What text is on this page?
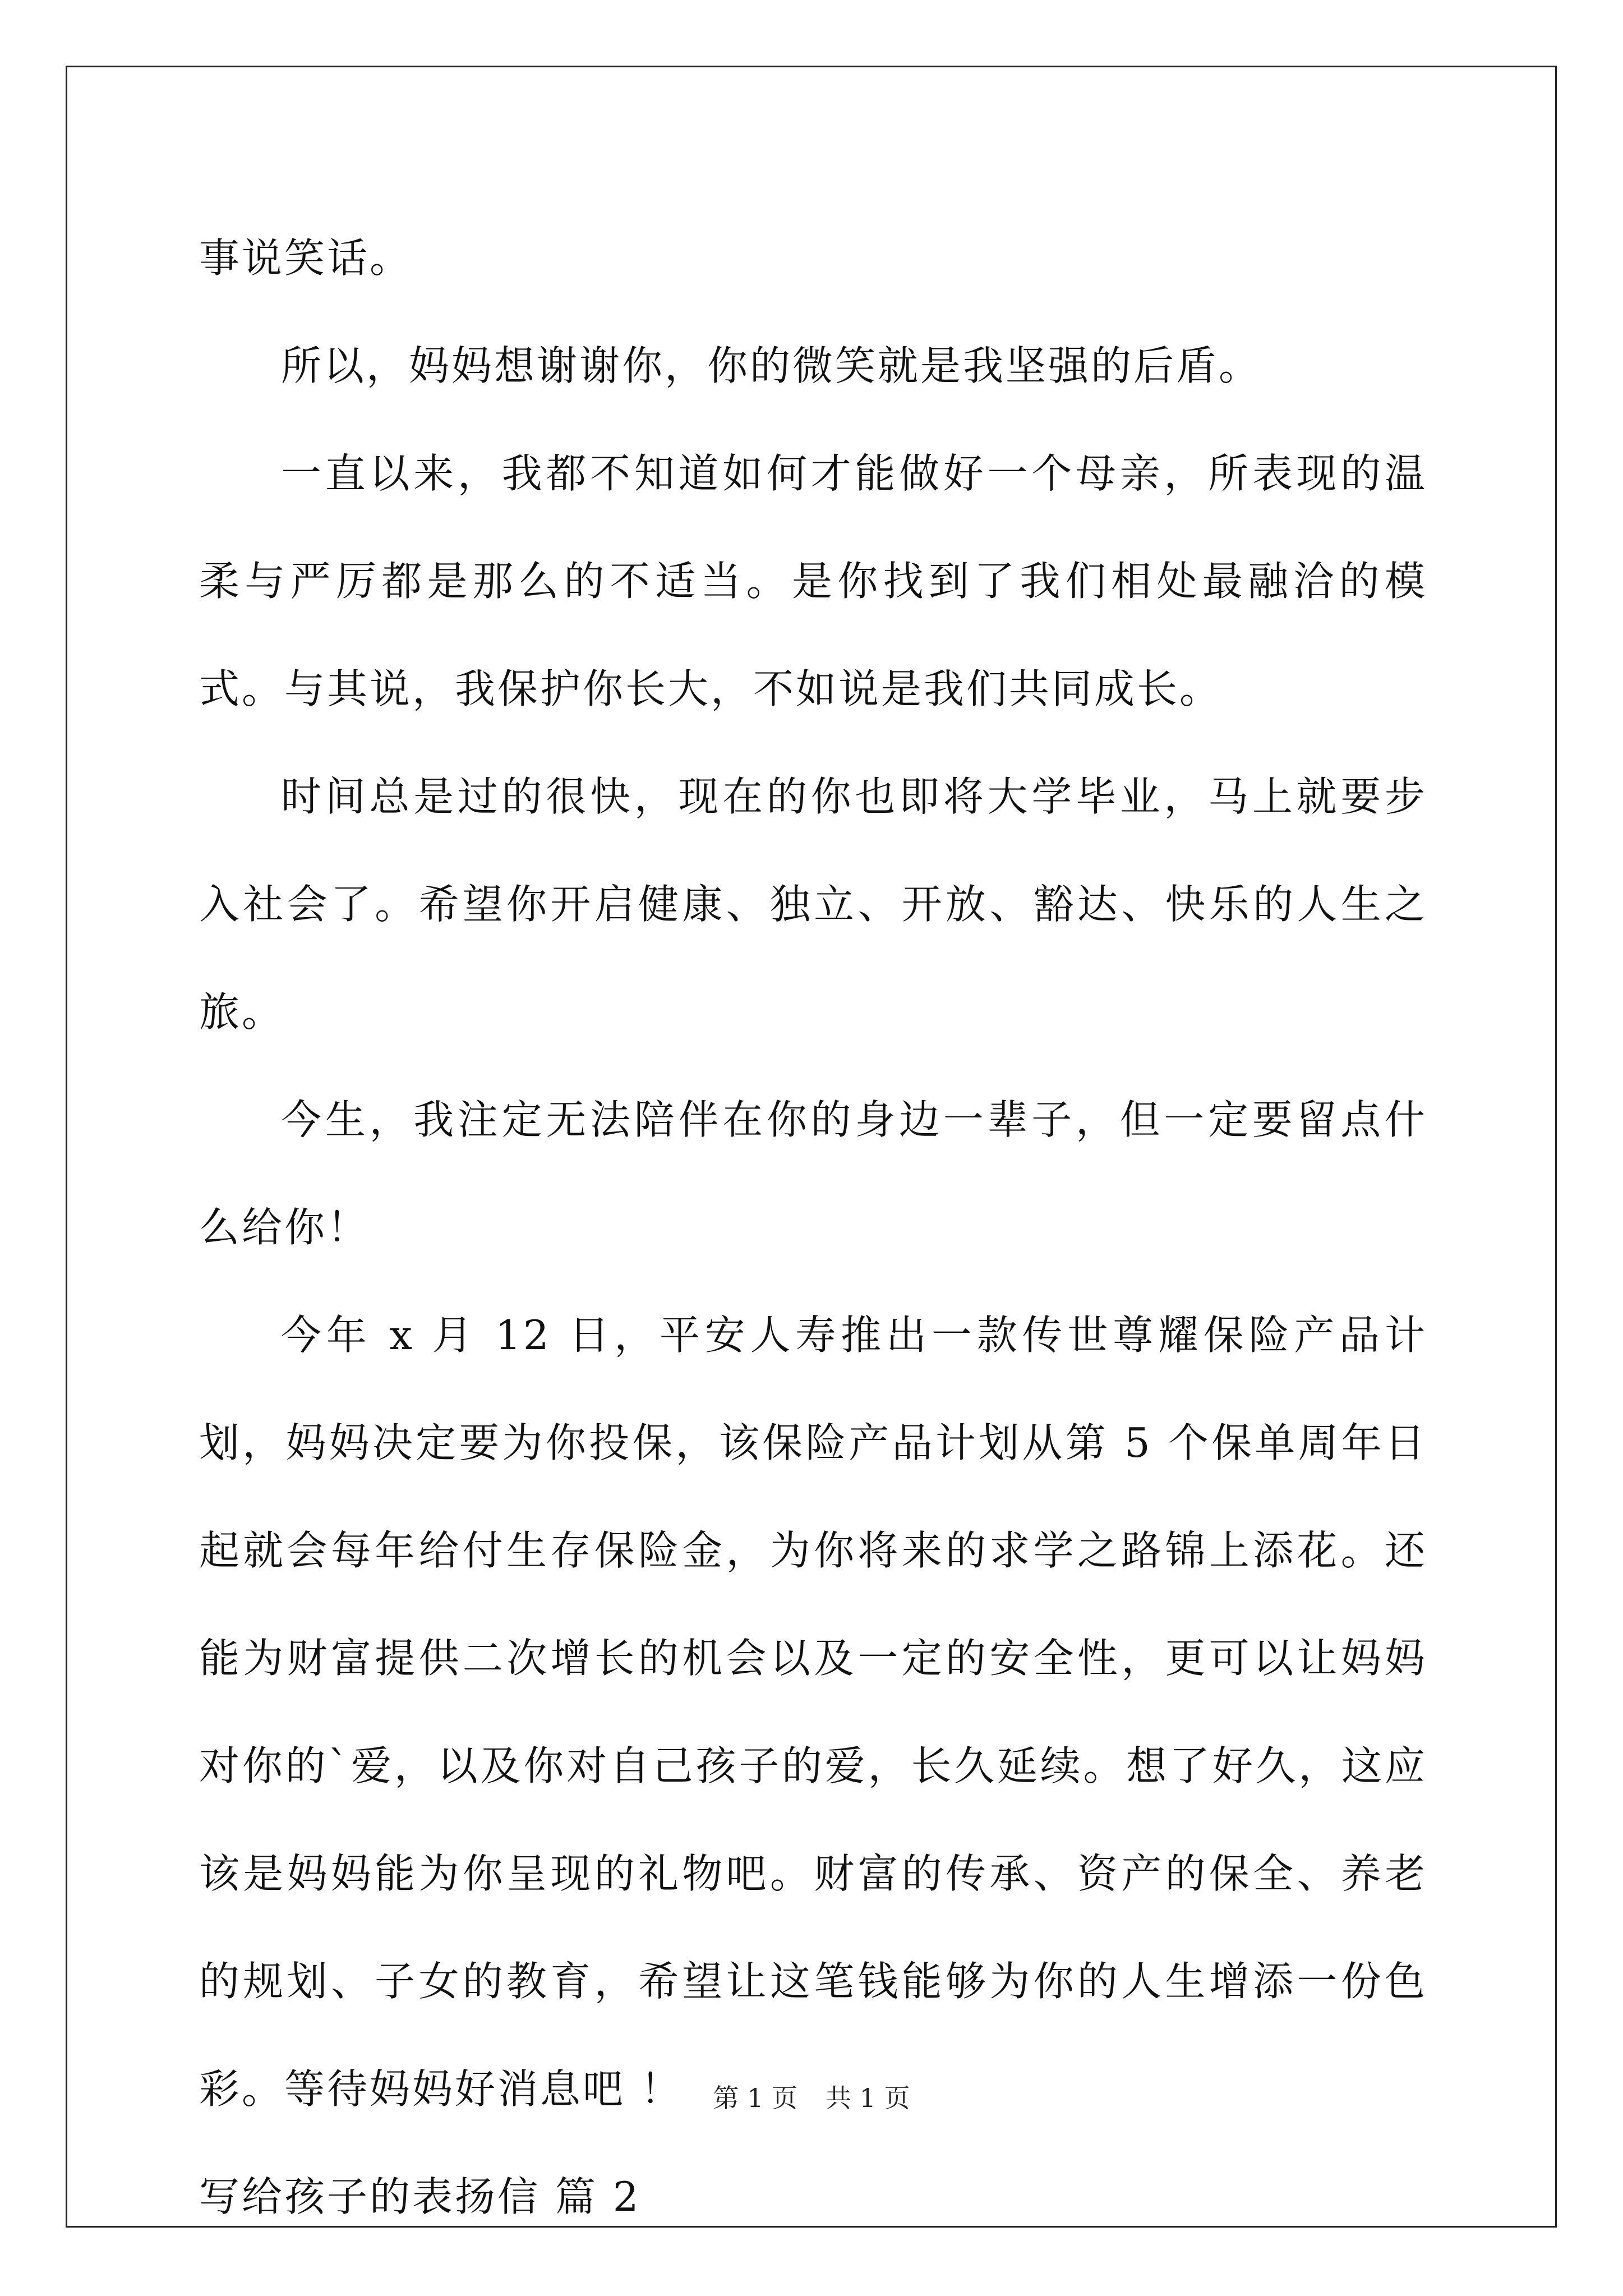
事说笑话。

所以，妈妈想谢谢你，你的微笑就是我坚强的后盾。

一直以来，我都不知道如何才能做好一个母亲，所表现的温柔与严厉都是那么的不适当。是你找到了我们相处最融洽的模式。与其说，我保护你长大，不如说是我们共同成长。

时间总是过的很快，现在的你也即将大学毕业，马上就要步入社会了。希望你开启健康、独立、开放、豁达、快乐的人生之旅。

今生，我注定无法陪伴在你的身边一辈子，但一定要留点什么给你！

今年 x 月 12 日，平安人寿推出一款传世尊耀保险产品计划，妈妈决定要为你投保，该保险产品计划从第 5 个保单周年日起就会每年给付生存保险金，为你将来的求学之路锦上添花。还能为财富提供二次增长的机会以及一定的安全性，更可以让妈妈对你的`爱，以及你对自己孩子的爱，长久延续。想了好久，这应该是妈妈能为你呈现的礼物吧。财富的传承、资产的保全、养老的规划、子女的教育，希望让这笔钱能够为你的人生增添一份色彩。等待妈妈好消息吧 ！

写给孩子的表扬信 篇 2

第 1 页 共 1 页
